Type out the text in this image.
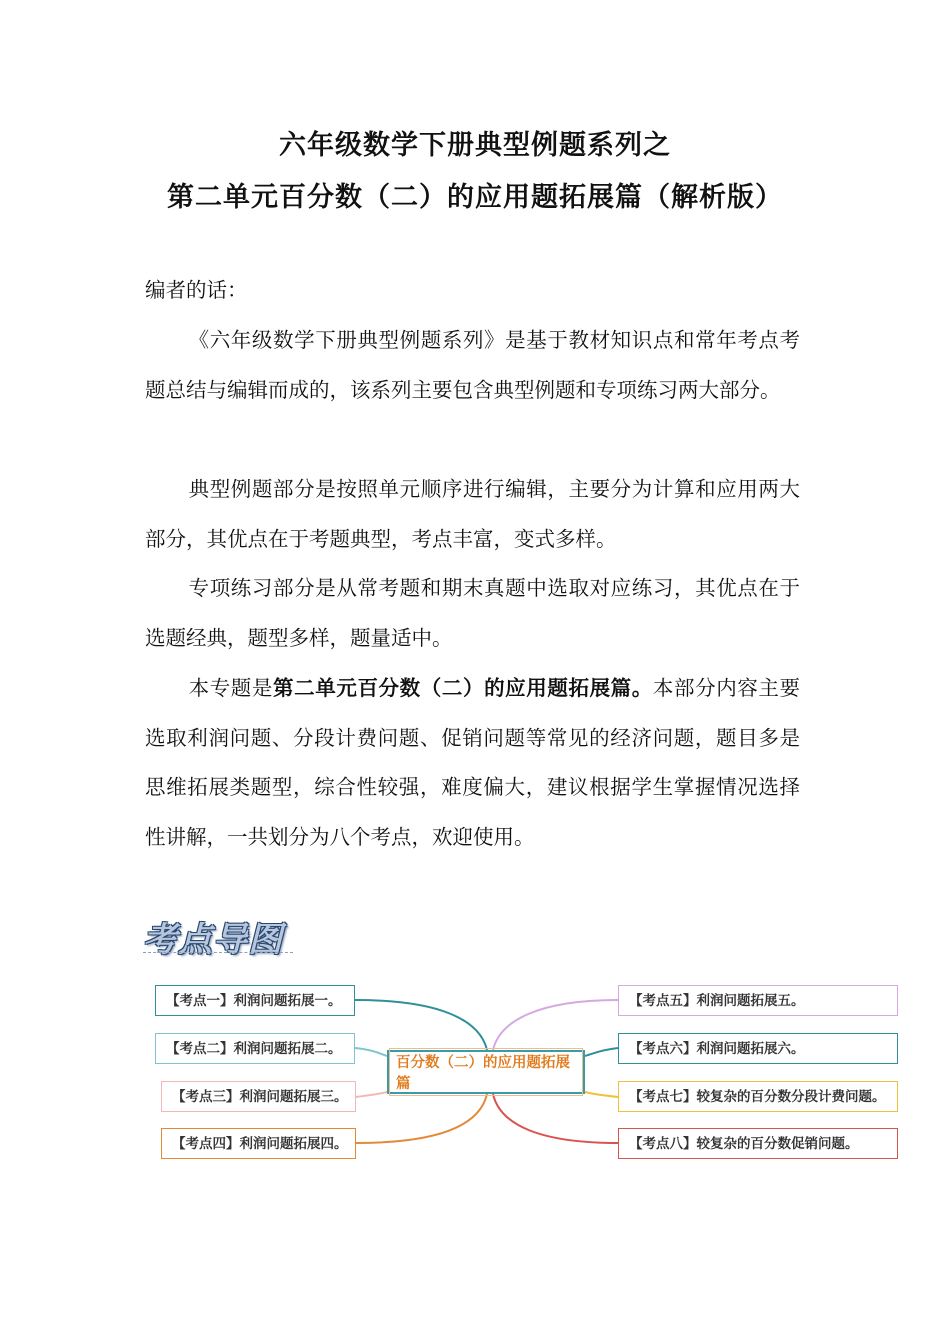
六年级数学下册典型例题系列之
第二单元百分数（二）的应用题拓展篇（解析版）

编者的话：

《六年级数学下册典型例题系列》是基于教材知识点和常年考点考题总结与编辑而成的，该系列主要包含典型例题和专项练习两大部分。

典型例题部分是按照单元顺序进行编辑，主要分为计算和应用两大部分，其优点在于考题典型，考点丰富，变式多样。

专项练习部分是从常考题和期末真题中选取对应练习，其优点在于选题经典，题型多样，题量适中。

本专题是第二单元百分数（二）的应用题拓展篇。本部分内容主要选取利润问题、分段计费问题、促销问题等常见的经济问题，题目多是思维拓展类题型，综合性较强，难度偏大，建议根据学生掌握情况选择性讲解，一共划分为八个考点，欢迎使用。

考点导图
百分数（二）的应用题拓展篇
【考点一】利润问题拓展一。
【考点二】利润问题拓展二。
【考点三】利润问题拓展三。
【考点四】利润问题拓展四。
【考点五】利润问题拓展五。
【考点六】利润问题拓展六。
【考点七】较复杂的百分数分段计费问题。
【考点八】较复杂的百分数促销问题。
